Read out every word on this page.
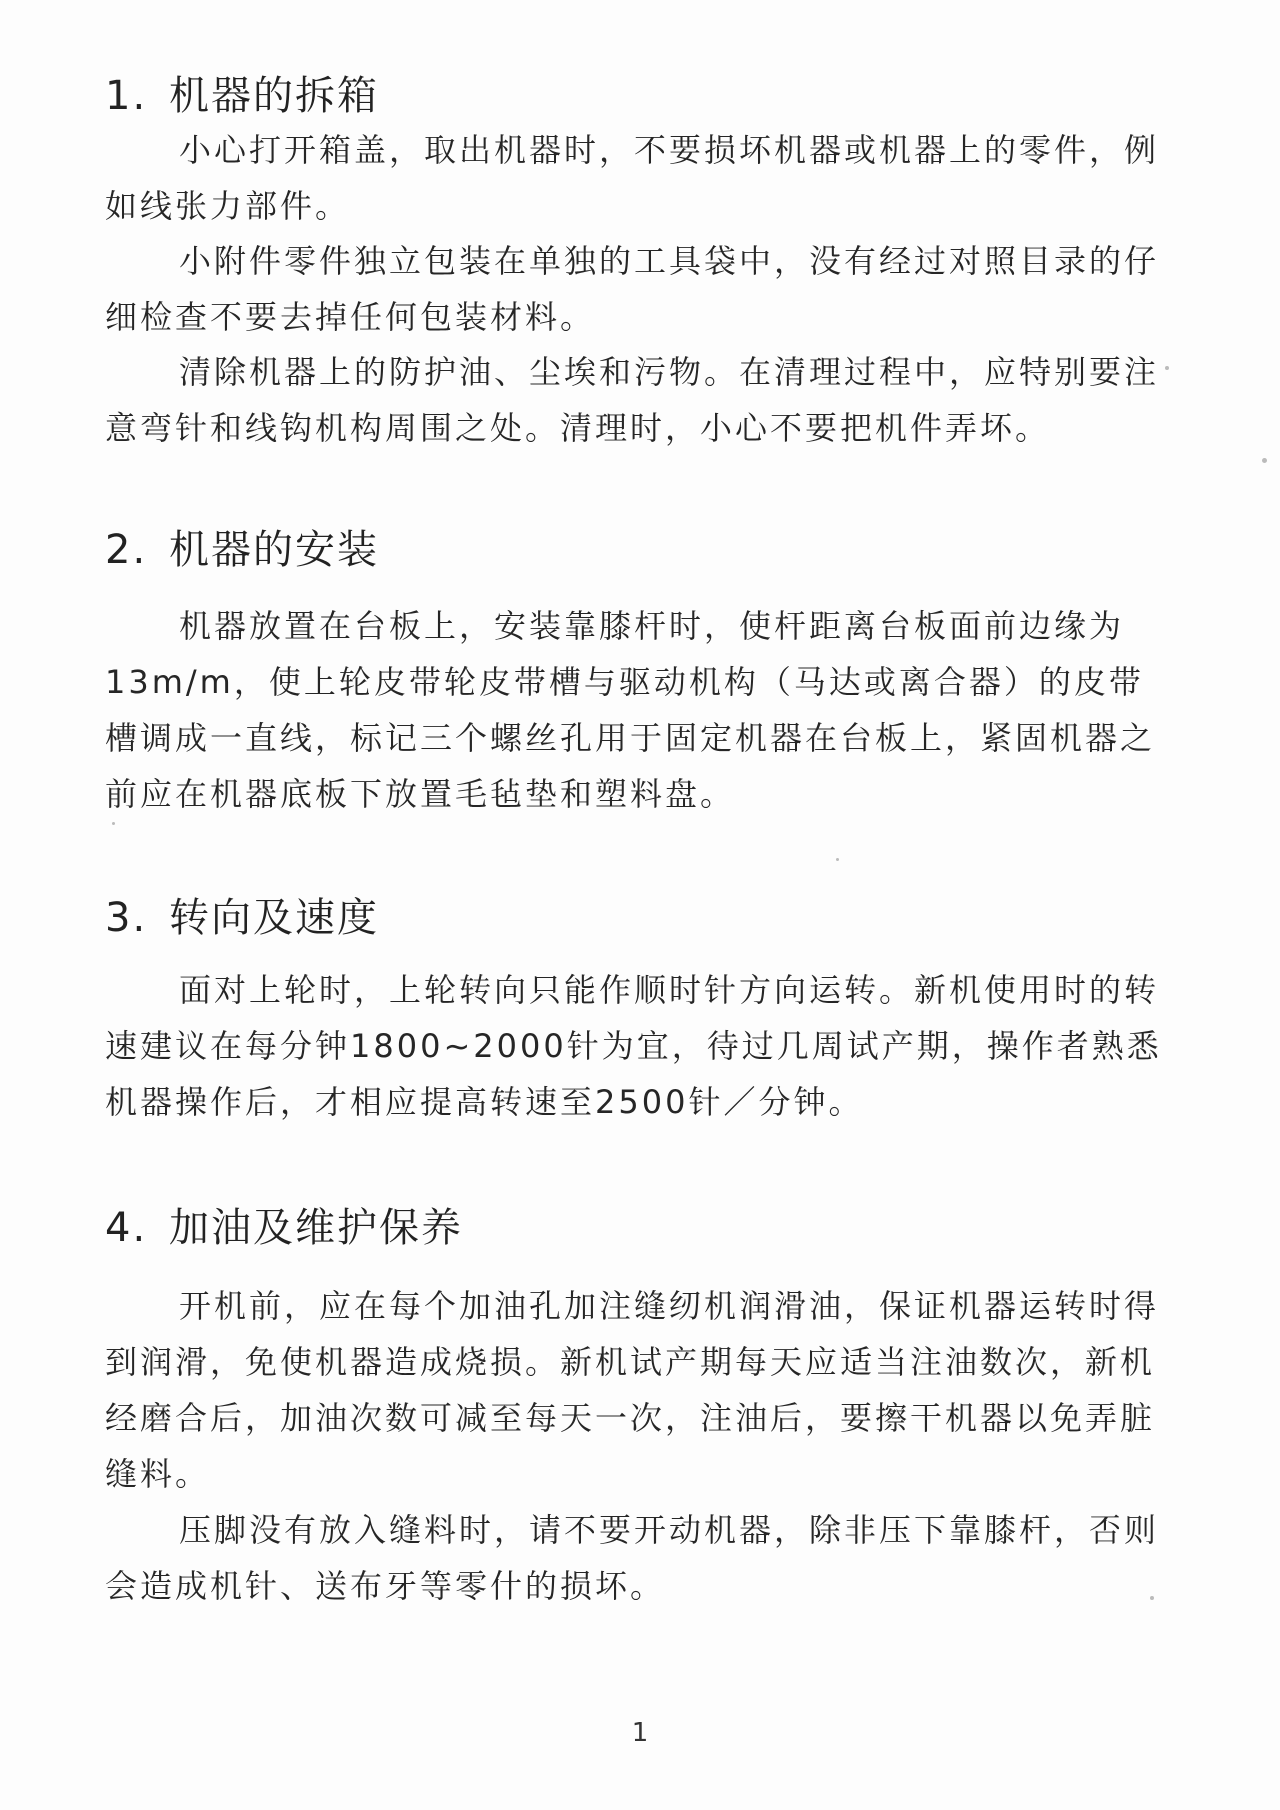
1. 机器的拆箱

小心打开箱盖，取出机器时，不要损坏机器或机器上的零件，例如线张力部件。

小附件零件独立包装在单独的工具袋中，没有经过对照目录的仔细检查不要去掉任何包装材料。

清除机器上的防护油、尘埃和污物。在清理过程中，应特别要注意弯针和线钩机构周围之处。清理时，小心不要把机件弄坏。

2. 机器的安装

机器放置在台板上，安装靠膝杆时，使杆距离台板面前边缘为 13m/m，使上轮皮带轮皮带槽与驱动机构（马达或离合器）的皮带槽调成一直线，标记三个螺丝孔用于固定机器在台板上，紧固机器之前应在机器底板下放置毛毡垫和塑料盘。

3. 转向及速度

面对上轮时，上轮转向只能作顺时针方向运转。新机使用时的转速建议在每分钟1800~2000针为宜，待过几周试产期，操作者熟悉机器操作后，才相应提高转速至2500针／分钟。

4. 加油及维护保养

开机前，应在每个加油孔加注缝纫机润滑油，保证机器运转时得到润滑，免使机器造成烧损。新机试产期每天应适当注油数次，新机经磨合后，加油次数可减至每天一次，注油后，要擦干机器以免弄脏缝料。

压脚没有放入缝料时，请不要开动机器，除非压下靠膝杆，否则会造成机针、送布牙等零什的损坏。

1
